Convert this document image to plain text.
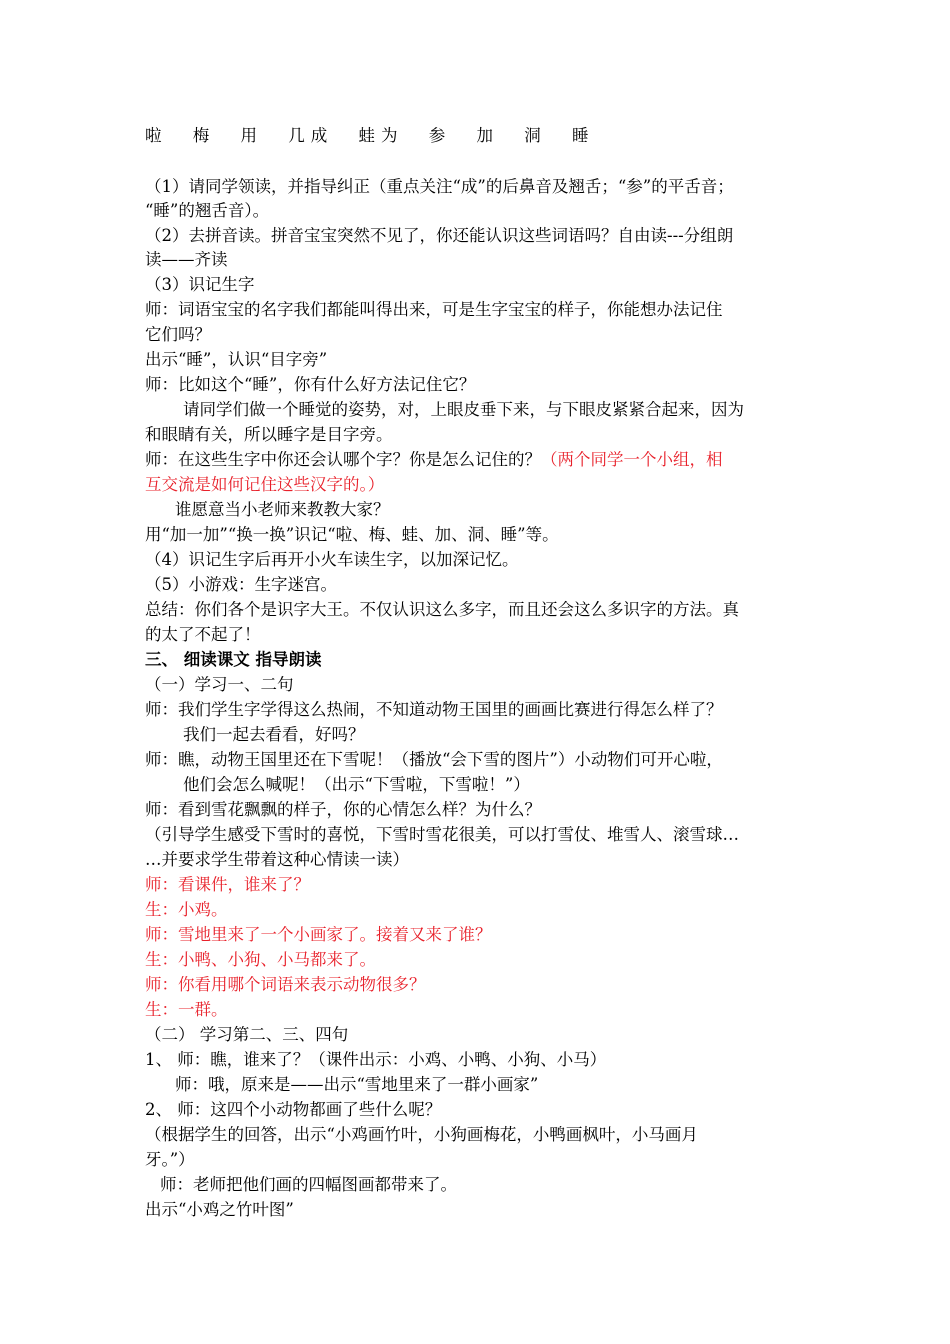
啦 梅 用 几成 蛙为 参 加 洞 睡
（1）请同学领读，并指导纠正（重点关注“成”的后鼻音及翘舌；“参”的平舌音；
“睡”的翘舌音）。
（2）去拼音读。拼音宝宝突然不见了，你还能认识这些词语吗？自由读---分组朗
读——齐读
（3）识记生字
师：词语宝宝的名字我们都能叫得出来，可是生字宝宝的样子，你能想办法记住
它们吗？
出示“睡”，认识“目字旁”
师：比如这个“睡”，你有什么好方法记住它？
请同学们做一个睡觉的姿势，对，上眼皮垂下来，与下眼皮紧紧合起来，因为
和眼睛有关，所以睡字是目字旁。
师：在这些生字中你还会认哪个字？你是怎么记住的？（两个同学一个小组，相
互交流是如何记住这些汉字的。）
谁愿意当小老师来教教大家？
用“加一加”“换一换”识记“啦、梅、蛙、加、洞、睡”等。
（4）识记生字后再开小火车读生字，以加深记忆。
（5）小游戏：生字迷宫。
总结：你们各个是识字大王。不仅认识这么多字，而且还会这么多识字的方法。真
的太了不起了！
三、 细读课文 指导朗读
（一）学习一、二句
师：我们学生字学得这么热闹，不知道动物王国里的画画比赛进行得怎么样了？
我们一起去看看，好吗？
师：瞧，动物王国里还在下雪呢！（播放“会下雪的图片”）小动物们可开心啦，
他们会怎么喊呢！（出示“下雪啦，下雪啦！”）
师：看到雪花飘飘的样子，你的心情怎么样？为什么？
（引导学生感受下雪时的喜悦，下雪时雪花很美，可以打雪仗、堆雪人、滚雪球…
…并要求学生带着这种心情读一读）
师：看课件，谁来了？
生：小鸡。
师：雪地里来了一个小画家了。接着又来了谁？
生：小鸭、小狗、小马都来了。
师：你看用哪个词语来表示动物很多？
生：一群。
（二） 学习第二、三、四句
1、 师：瞧，谁来了？（课件出示：小鸡、小鸭、小狗、小马）
师：哦，原来是——出示“雪地里来了一群小画家”
2、 师：这四个小动物都画了些什么呢？
（根据学生的回答，出示“小鸡画竹叶，小狗画梅花，小鸭画枫叶，小马画月
牙。”）
师：老师把他们画的四幅图画都带来了。
出示“小鸡之竹叶图”
